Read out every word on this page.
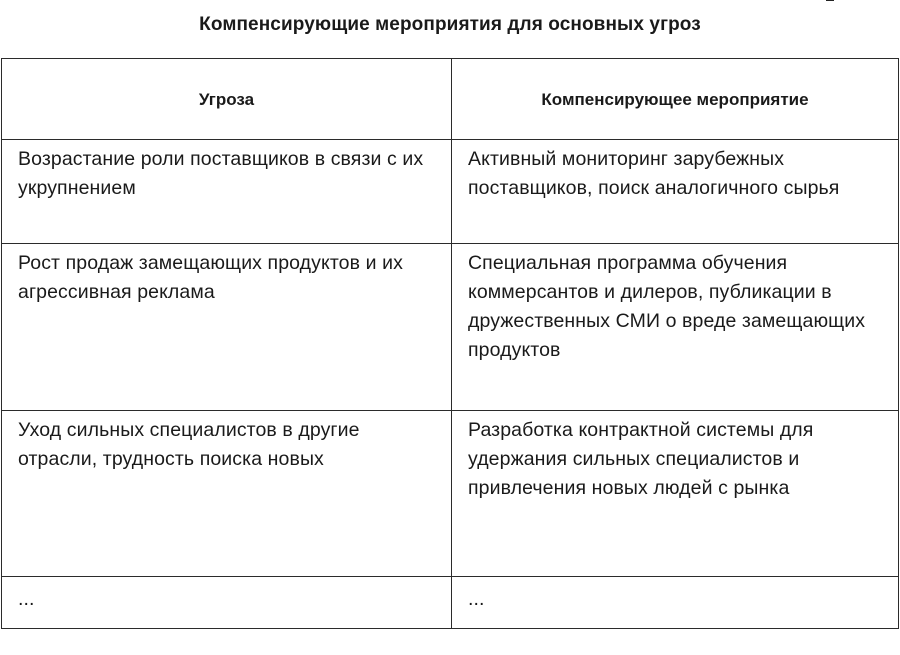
Компенсирующие мероприятия для основных угроз
Угроза	Компенсирующее мероприятие
Возрастание роли поставщиков в связи с их укрупнением	Активный мониторинг зарубежных поставщиков, поиск аналогичного сырья
Рост продаж замещающих продуктов и их агрессивная реклама	Специальная программа обучения коммерсантов и дилеров, публикации в дружественных СМИ о вреде замещающих продуктов
Уход сильных специалистов в другие отрасли, трудность поиска новых	Разработка контрактной системы для удержания сильных специалистов и привлечения новых людей с рынка
...	...
